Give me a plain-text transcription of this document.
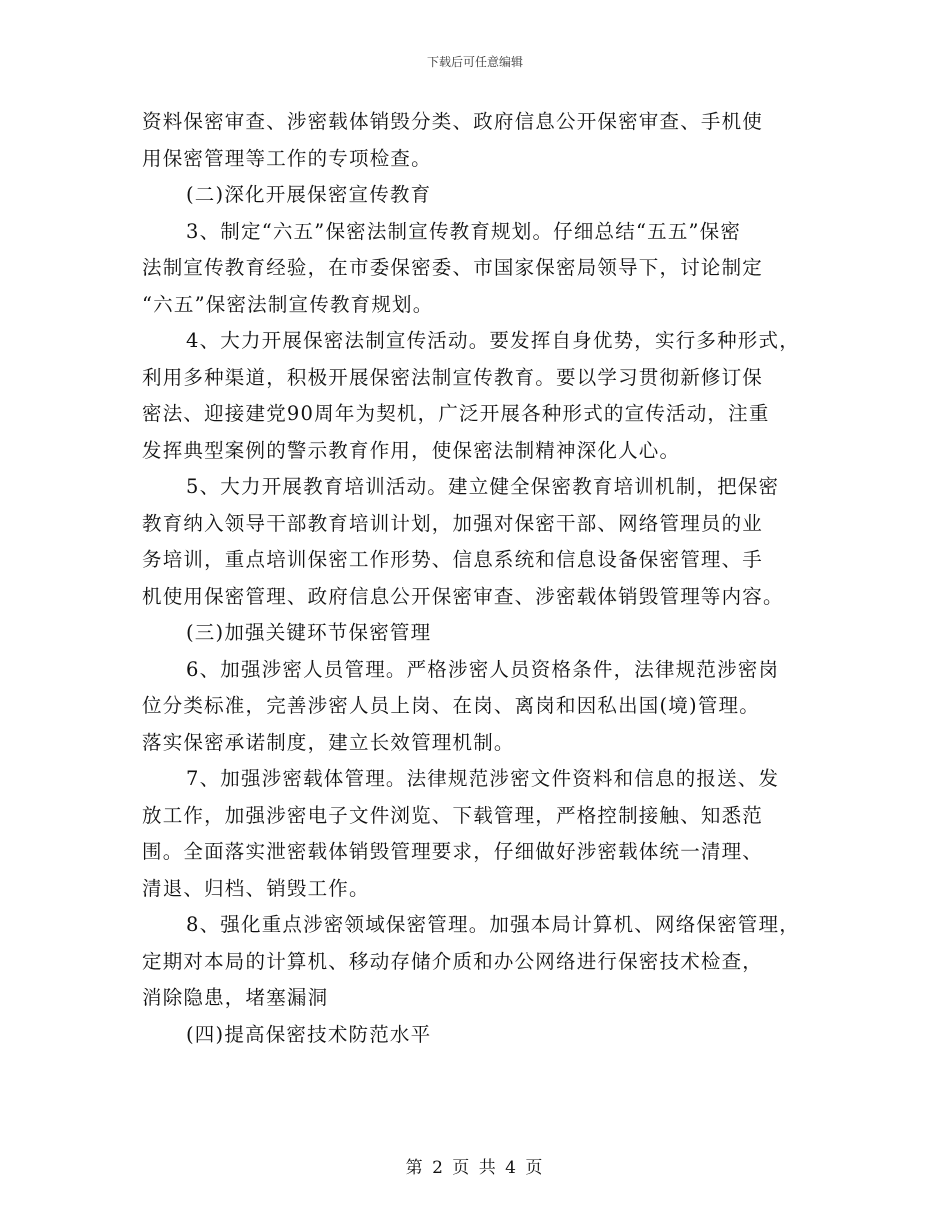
下载后可任意编辑
资料保密审查、涉密载体销毁分类、政府信息公开保密审查、手机使
用保密管理等工作的专项检查。
(二)深化开展保密宣传教育
3、制定“六五”保密法制宣传教育规划。仔细总结“五五”保密
法制宣传教育经验，在市委保密委、市国家保密局领导下，讨论制定
“六五”保密法制宣传教育规划。
4、大力开展保密法制宣传活动。要发挥自身优势，实行多种形式，
利用多种渠道，积极开展保密法制宣传教育。要以学习贯彻新修订保
密法、迎接建党90周年为契机，广泛开展各种形式的宣传活动，注重
发挥典型案例的警示教育作用，使保密法制精神深化人心。
5、大力开展教育培训活动。建立健全保密教育培训机制，把保密
教育纳入领导干部教育培训计划，加强对保密干部、网络管理员的业
务培训，重点培训保密工作形势、信息系统和信息设备保密管理、手
机使用保密管理、政府信息公开保密审查、涉密载体销毁管理等内容。
(三)加强关键环节保密管理
6、加强涉密人员管理。严格涉密人员资格条件，法律规范涉密岗
位分类标准，完善涉密人员上岗、在岗、离岗和因私出国(境)管理。
落实保密承诺制度，建立长效管理机制。
7、加强涉密载体管理。法律规范涉密文件资料和信息的报送、发
放工作，加强涉密电子文件浏览、下载管理，严格控制接触、知悉范
围。全面落实泄密载体销毁管理要求，仔细做好涉密载体统一清理、
清退、归档、销毁工作。
8、强化重点涉密领域保密管理。加强本局计算机、网络保密管理，
定期对本局的计算机、移动存储介质和办公网络进行保密技术检查，
消除隐患，堵塞漏洞
(四)提高保密技术防范水平
第 2 页 共 4 页
